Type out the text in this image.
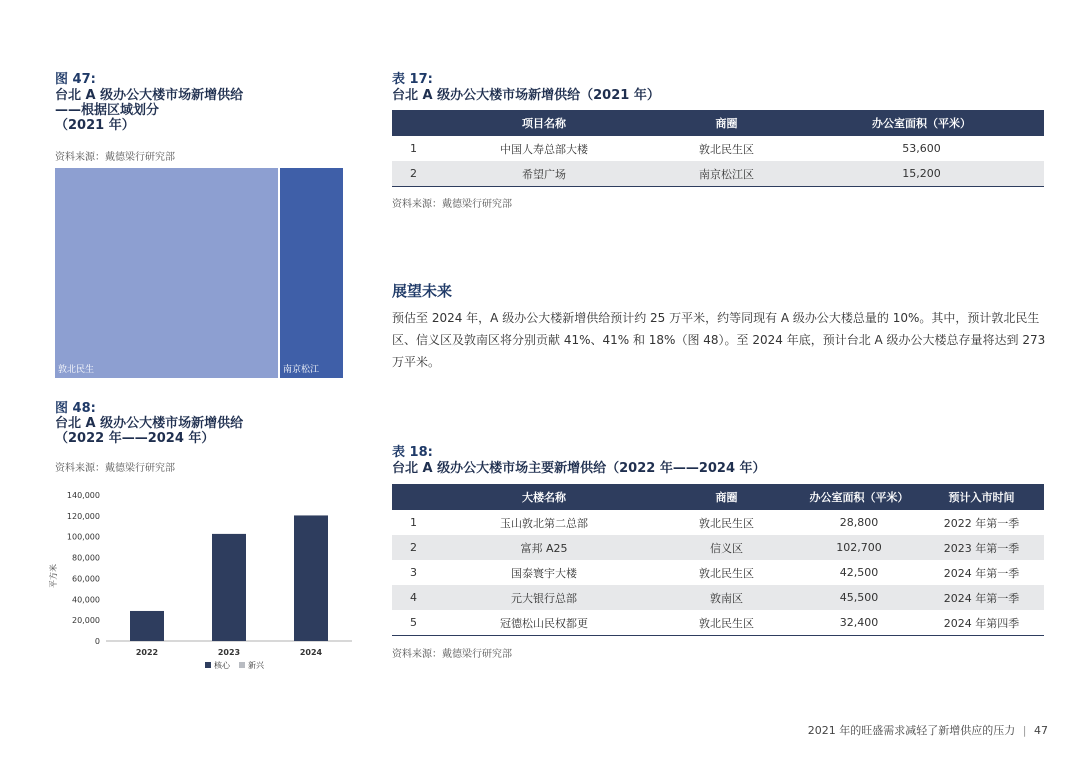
图 47:
台北 A 级办公大楼市场新增供给
——根据区域划分
（2021 年）
资料来源：戴德梁行研究部
敦北民生	南京松江
表 17:
台北 A 级办公大楼市场新增供给（2021 年）
	项目名称	商圈	办公室面积（平米）
1	中国人寿总部大楼	敦北民生区	53,600
2	希望广场	南京松江区	15,200
资料来源：戴德梁行研究部
展望未来
预估至 2024 年，A 级办公大楼新增供给预计约 25 万平米，约等同现有 A 级办公大楼总量的 10%。其中，预计敦北民生区、信义区及敦南区将分别贡献 41%、41% 和 18%（图 48）。至 2024 年底，预计台北 A 级办公大楼总存量将达到 273 万平米。
图 48:
台北 A 级办公大楼市场新增供给
（2022 年——2024 年）
资料来源：戴德梁行研究部
0
20,000
40,000
60,000
80,000
100,000
120,000
140,000
2022	2023	2024
平方米
核心 新兴
表 18:
台北 A 级办公大楼市场主要新增供给（2022 年——2024 年）
	大楼名称	商圈	办公室面积（平米）	预计入市时间
1	玉山敦北第二总部	敦北民生区	28,800	2022 年第一季
2	富邦 A25	信义区	102,700	2023 年第一季
3	国泰寰宇大楼	敦北民生区	42,500	2024 年第一季
4	元大银行总部	敦南区	45,500	2024 年第一季
5	冠德松山民权都更	敦北民生区	32,400	2024 年第四季
资料来源：戴德梁行研究部
2021 年的旺盛需求减轻了新增供应的压力 | 47
